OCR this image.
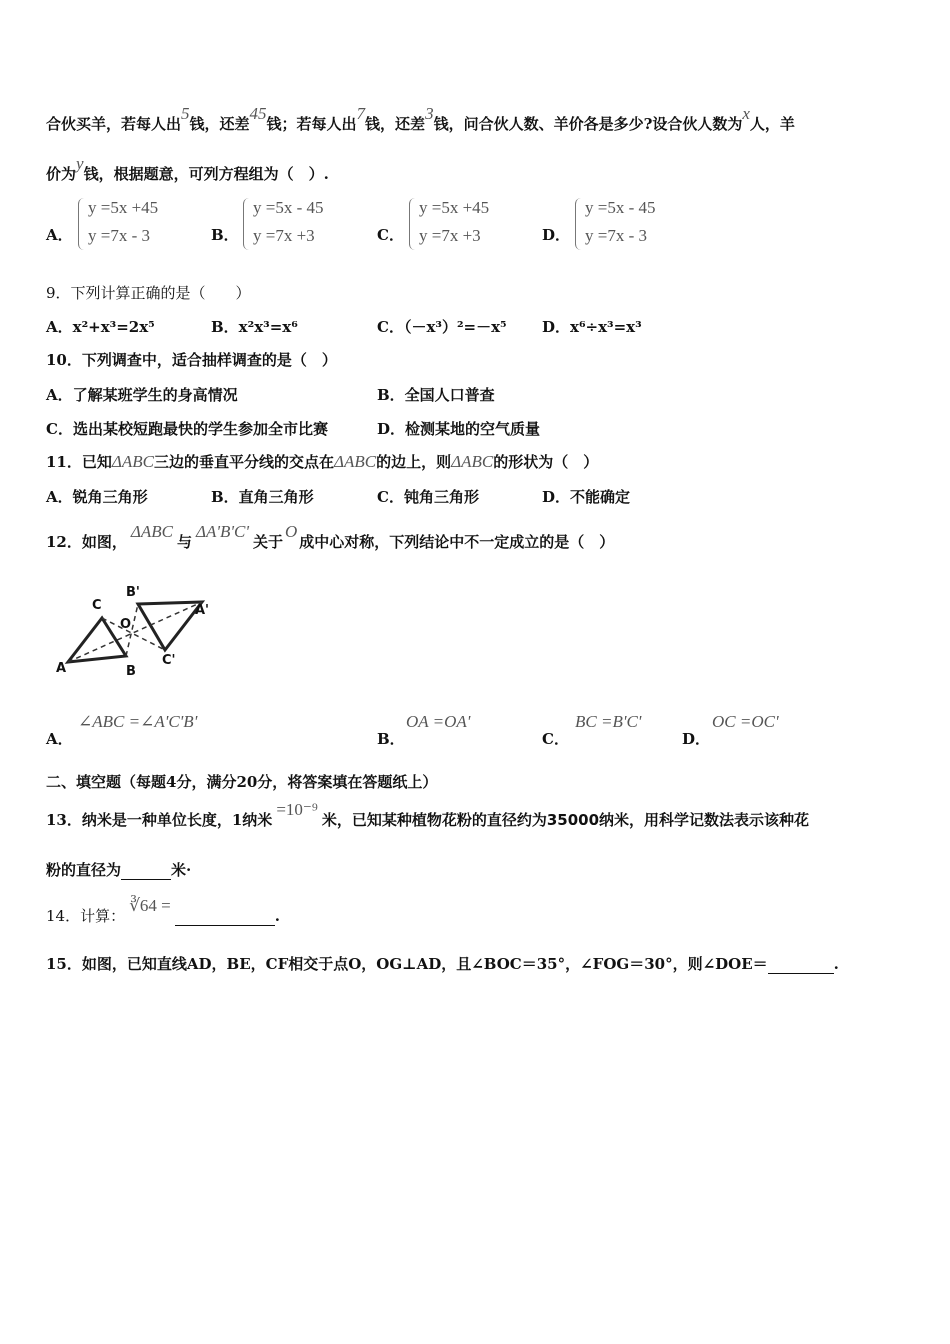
合伙买羊，若每人出5钱，还差45钱；若每人出7钱，还差3钱，问合伙人数、羊价各是多少?设合伙人数为x人，羊
价为y钱，根据题意，可列方程组为（　）.
A．
y =5x +45
y =7x - 3	B．
y =5x - 45
y =7x +3	C．
y =5x +45
y =7x +3	D．
y =5x - 45
y =7x - 3
9．下列计算正确的是（　　）
A．x²+x³=2x⁵	B．x²x³=x⁶	C．（－x³）²=－x⁵ D．x⁶÷x³=x³
10．下列调查中，适合抽样调查的是（　）
A．了解某班学生的身高情况	B．全国人口普查
C．选出某校短跑最快的学生参加全市比赛	D．检测某地的空气质量
11．已知ΔABC三边的垂直平分线的交点在ΔABC的边上，则ΔABC的形状为（　）
A．锐角三角形	B．直角三角形	C．钝角三角形	D．不能确定
12．如图，ΔABC与ΔA'B'C'关于O成中心对称，下列结论中不一定成立的是（　）
A	B
C
O
A'
B'
C'
A．
∠ABC =∠A'C'B'
B．
OA =OA'
C．
BC =B'C'
D．
OC =OC'
二、填空题（每题4分，满分20分，将答案填在答题纸上）
13．纳米是一种单位长度，1纳米=10⁻⁹米，已知某种植物花粉的直径约为35000纳米，用科学记数法表示该种花
粉的直径为	米·
14．计算：∛64 =.
15．如图，已知直线AD，BE，CF相交于点O，OG⊥AD，且∠BOC＝35°，∠FOG＝30°，则∠DOE＝	.
